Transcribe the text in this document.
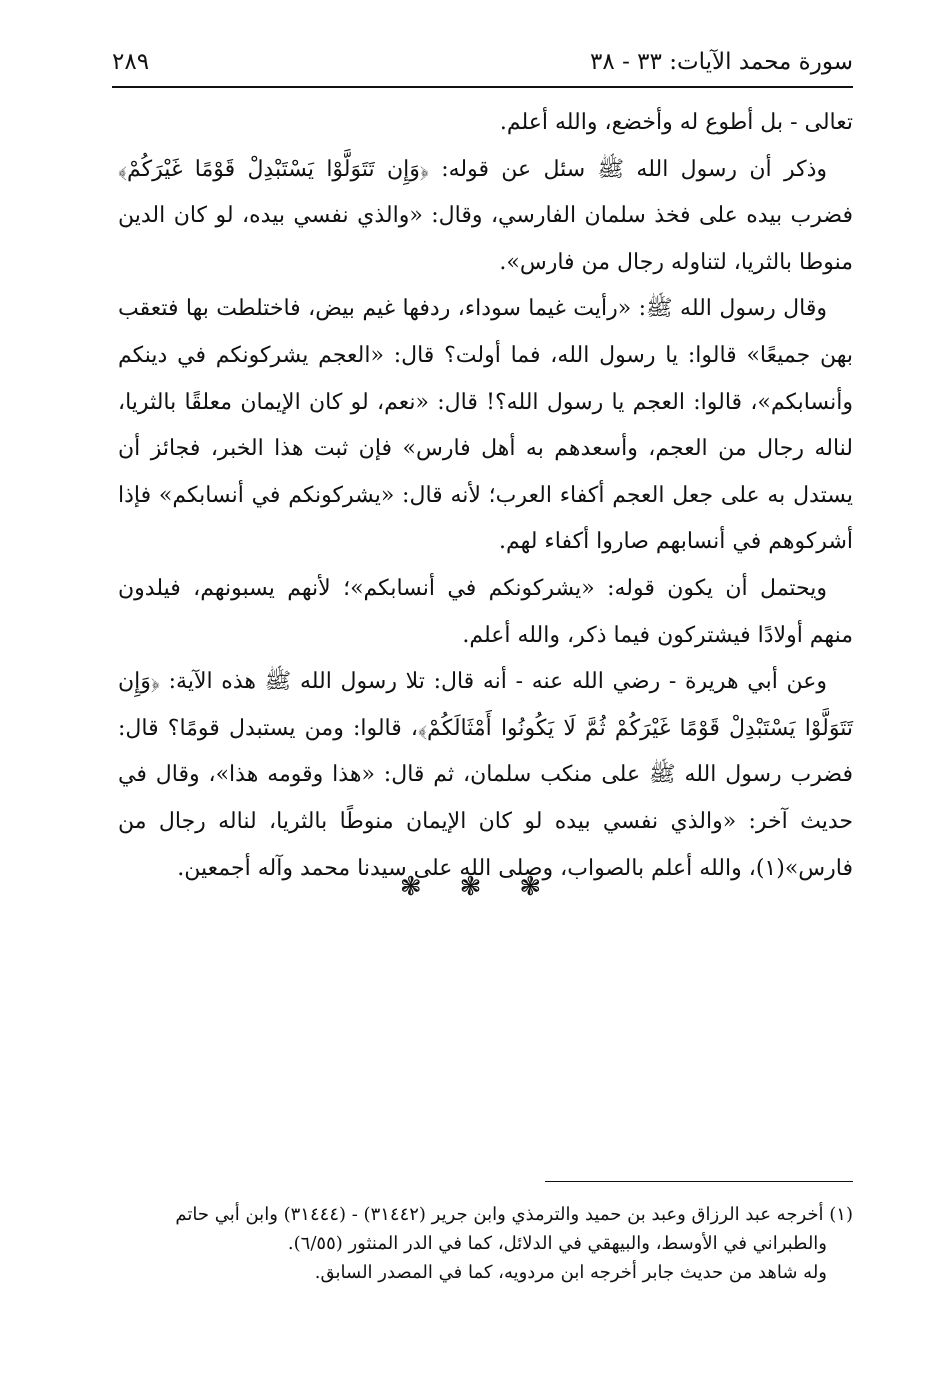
سورة محمد الآيات: ٣٣ - ٣٨
٢٨٩

تعالى - بل أطوع له وأخضع، والله أعلم.

وذكر أن رسول الله ﷺ سئل عن قوله: ﴿وَإِن تَتَوَلَّوْا يَسْتَبْدِلْ قَوْمًا غَيْرَكُمْ﴾ فضرب بيده على فخذ سلمان الفارسي، وقال: «والذي نفسي بيده، لو كان الدين منوطا بالثريا، لتناوله رجال من فارس».

وقال رسول الله ﷺ: «رأيت غيما سوداء، ردفها غيم بيض، فاختلطت بها فتعقب بهن جميعًا» قالوا: يا رسول الله، فما أولت؟ قال: «العجم يشركونكم في دينكم وأنسابكم»، قالوا: العجم يا رسول الله؟! قال: «نعم، لو كان الإيمان معلقًا بالثريا، لناله رجال من العجم، وأسعدهم به أهل فارس» فإن ثبت هذا الخبر، فجائز أن يستدل به على جعل العجم أكفاء العرب؛ لأنه قال: «يشركونكم في أنسابكم» فإذا أشركوهم في أنسابهم صاروا أكفاء لهم.

ويحتمل أن يكون قوله: «يشركونكم في أنسابكم»؛ لأنهم يسبونهم، فيلدون منهم أولادًا فيشتركون فيما ذكر، والله أعلم.

وعن أبي هريرة - رضي الله عنه - أنه قال: تلا رسول الله ﷺ هذه الآية: ﴿وَإِن تَتَوَلَّوْا يَسْتَبْدِلْ قَوْمًا غَيْرَكُمْ ثُمَّ لَا يَكُونُوا أَمْثَالَكُمْ﴾، قالوا: ومن يستبدل قومًا؟ قال: فضرب رسول الله ﷺ على منكب سلمان، ثم قال: «هذا وقومه هذا»، وقال في حديث آخر: «والذي نفسي بيده لو كان الإيمان منوطًا بالثريا، لناله رجال من فارس»(١)، والله أعلم بالصواب، وصلى الله على سيدنا محمد وآله أجمعين.

❃
❃
❃

(١) أخرجه عبد الرزاق وعبد بن حميد والترمذي وابن جرير (٣١٤٤٢) - (٣١٤٤٤) وابن أبي حاتم

والطبراني في الأوسط، والبيهقي في الدلائل، كما في الدر المنثور (٦/٥٥).

وله شاهد من حديث جابر أخرجه ابن مردويه، كما في المصدر السابق.
